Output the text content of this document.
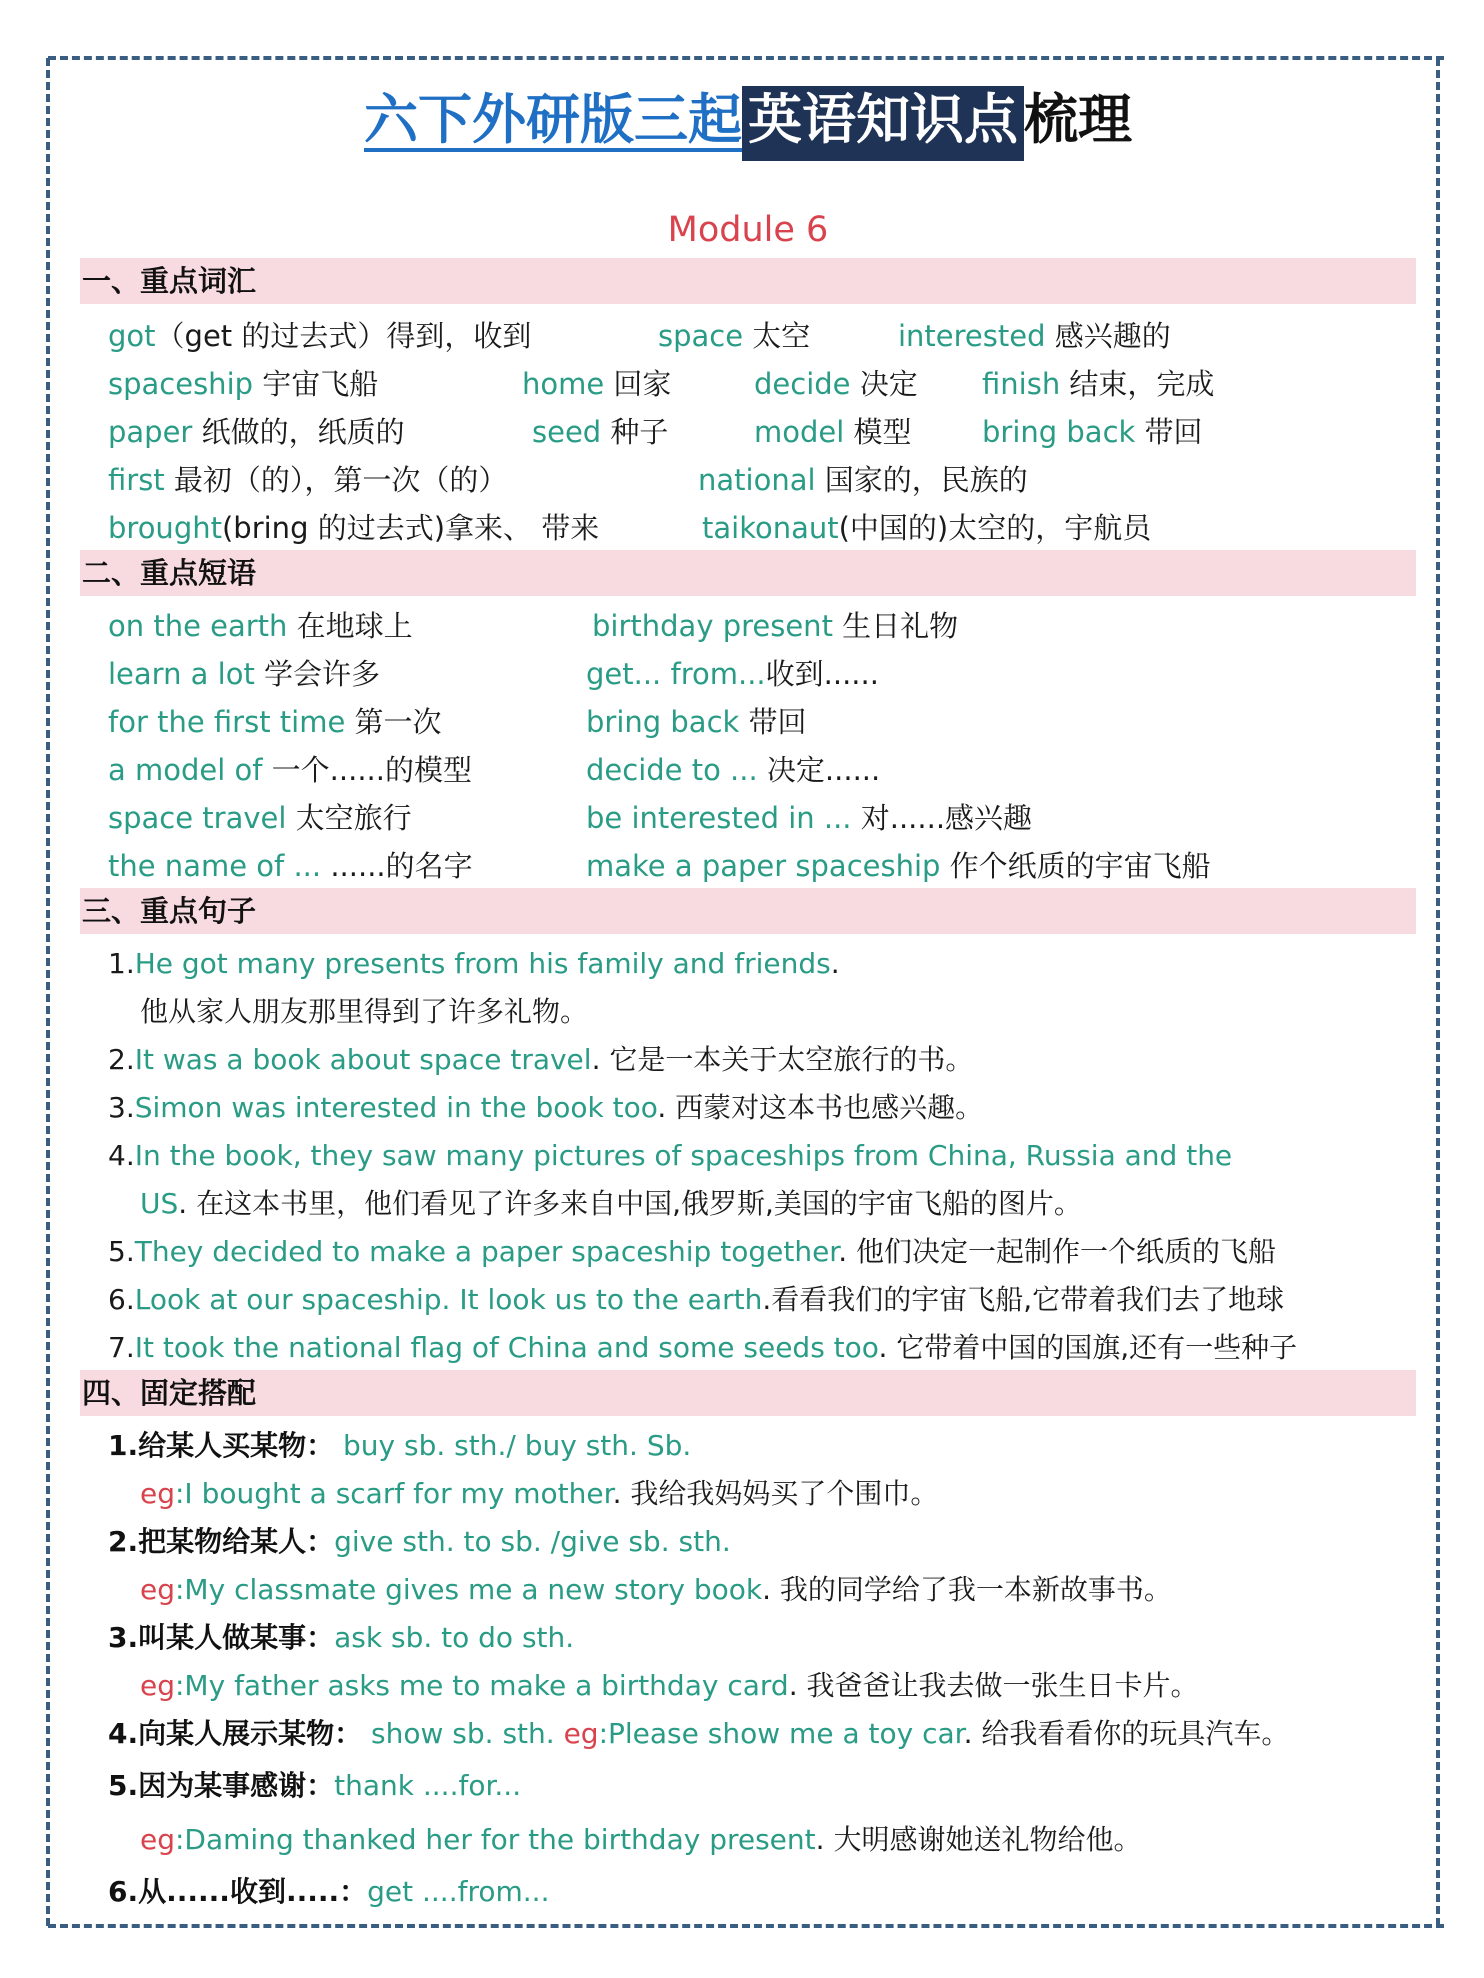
六下外研版三起 英语知识点 梳理
Module 6
一、重点词汇
got（get 的过去式）得到，收到	space 太空	interested 感兴趣的
spaceship 宇宙飞船	home 回家	decide 决定 finish 结束，完成
paper 纸做的，纸质的	seed 种子	model 模型 bring back 带回
first 最初（的），第一次（的）	national 国家的，民族的
brought(bring 的过去式)拿来、 带来	taikonaut(中国的)太空的，宇航员
二、重点短语
on the earth 在地球上	birthday present 生日礼物
learn a lot 学会许多	get... from...收到......
for the first time 第一次	bring back 带回
a model of 一个......的模型	decide to ... 决定......
space travel 太空旅行	be interested in ... 对......感兴趣
the name of ... ......的名字	make a paper spaceship 作个纸质的宇宙飞船
三、重点句子
1.He got many presents from his family and friends.
他从家人朋友那里得到了许多礼物。
2.It was a book about space travel. 它是一本关于太空旅行的书。
3.Simon was interested in the book too. 西蒙对这本书也感兴趣。
4.In the book, they saw many pictures of spaceships from China, Russia and the
US. 在这本书里，他们看见了许多来自中国,俄罗斯,美国的宇宙飞船的图片。
5.They decided to make a paper spaceship together. 他们决定一起制作一个纸质的飞船
6.Look at our spaceship. It look us to the earth.看看我们的宇宙飞船,它带着我们去了地球
7.It took the national flag of China and some seeds too. 它带着中国的国旗,还有一些种子
四、固定搭配
1.给某人买某物： buy sb. sth./ buy sth. Sb.
eg:I bought a scarf for my mother. 我给我妈妈买了个围巾。
2.把某物给某人：give sth. to sb. /give sb. sth.
eg:My classmate gives me a new story book. 我的同学给了我一本新故事书。
3.叫某人做某事：ask sb. to do sth.
eg:My father asks me to make a birthday card. 我爸爸让我去做一张生日卡片。
4.向某人展示某物： show sb. sth. eg:Please show me a toy car. 给我看看你的玩具汽车。
5.因为某事感谢：thank ....for...
eg:Daming thanked her for the birthday present. 大明感谢她送礼物给他。
6.从......收到.....：get ....from...
